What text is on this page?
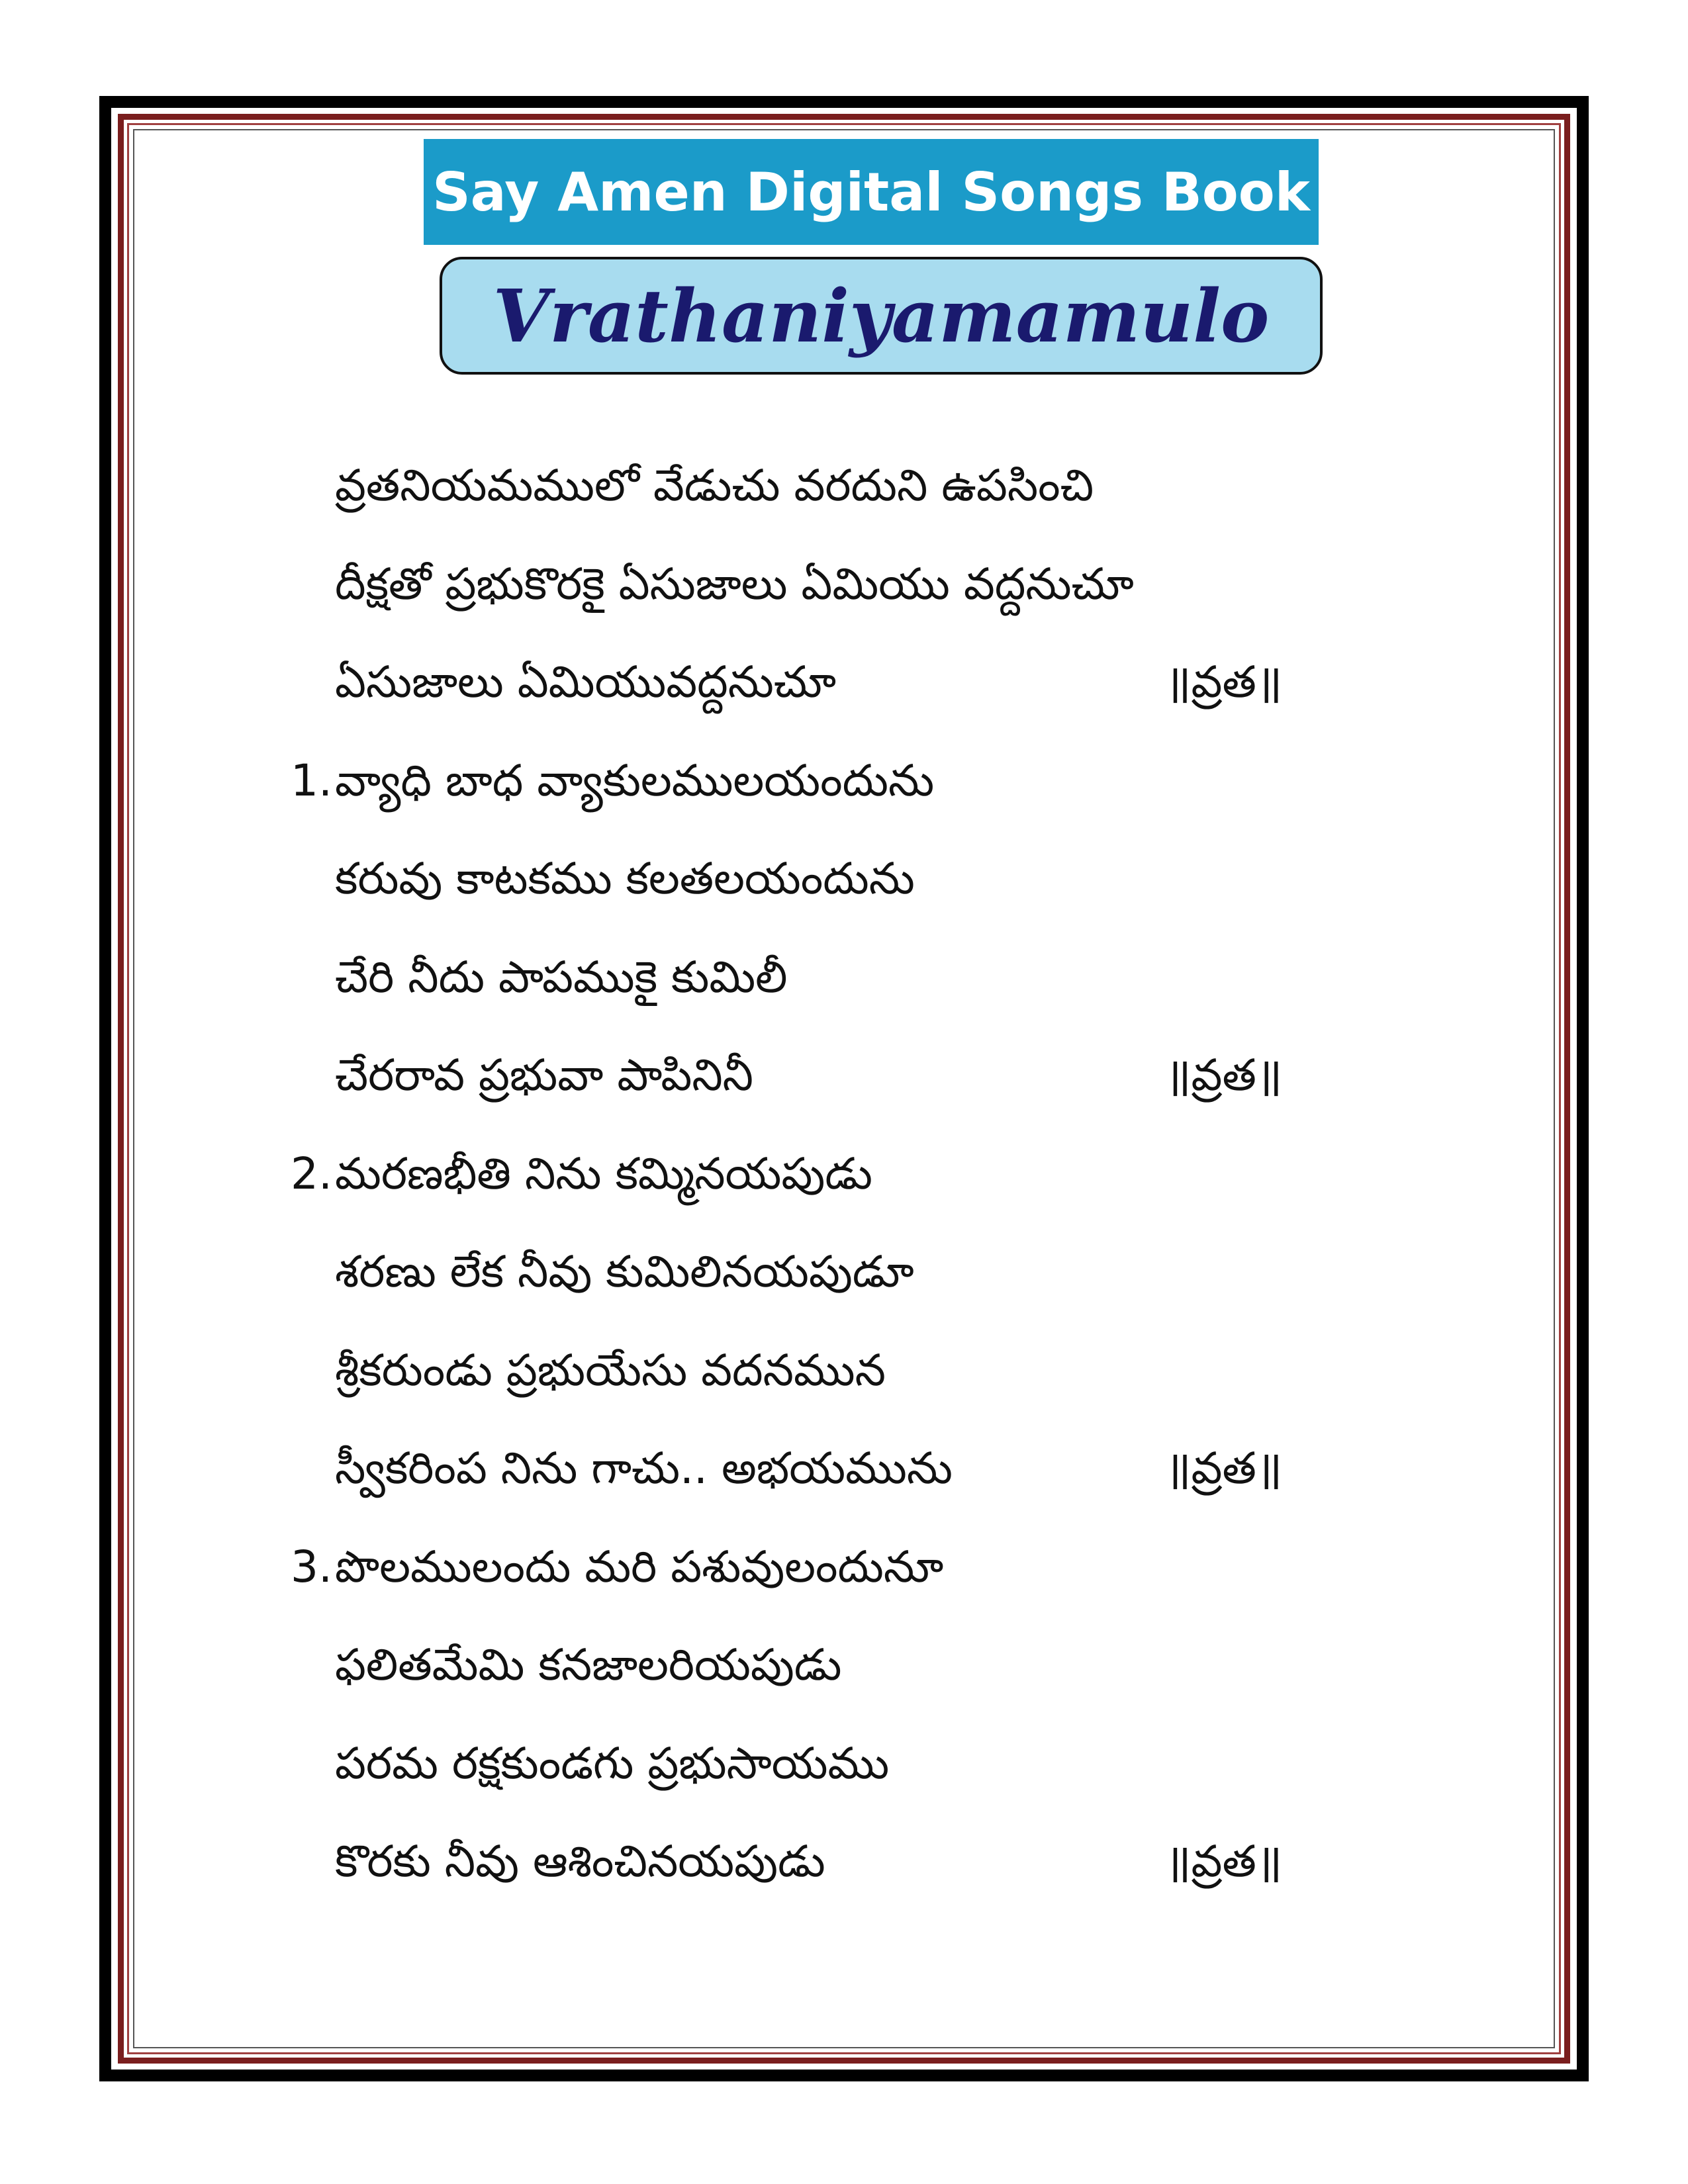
Say Amen Digital Songs Book
Vrathaniyamamulo
వ్రతనియమములో వేడుచు వరదుని ఉపసించి
దీక్షతో ప్రభుకొరకై ఏసుజాలు ఏమియు వద్దనుచూ
ఏసుజాలు ఏమియువద్దనుచూ	॥వ్రత॥
1. వ్యాధి బాధ వ్యాకులములయందును
కరువు కాటకము కలతలయందును
చేరి నీదు పాపముకై కుమిలీ
చేరరావ ప్రభువా పాపినినీ	॥వ్రత॥
2. మరణభీతి నిను కమ్మినయపుడు
శరణు లేక నీవు కుమిలినయపుడూ
శ్రీకరుండు ప్రభుయేసు వదనమున
స్వీకరింప నిను గాచు.. అభయమును	॥వ్రత॥
3. పొలములందు మరి పశువులందునూ
ఫలితమేమి కనజాలరియపుడు
పరమ రక్షకుండగు ప్రభుసాయము
కొరకు నీవు ఆశించినయపుడు	॥వ్రత॥
